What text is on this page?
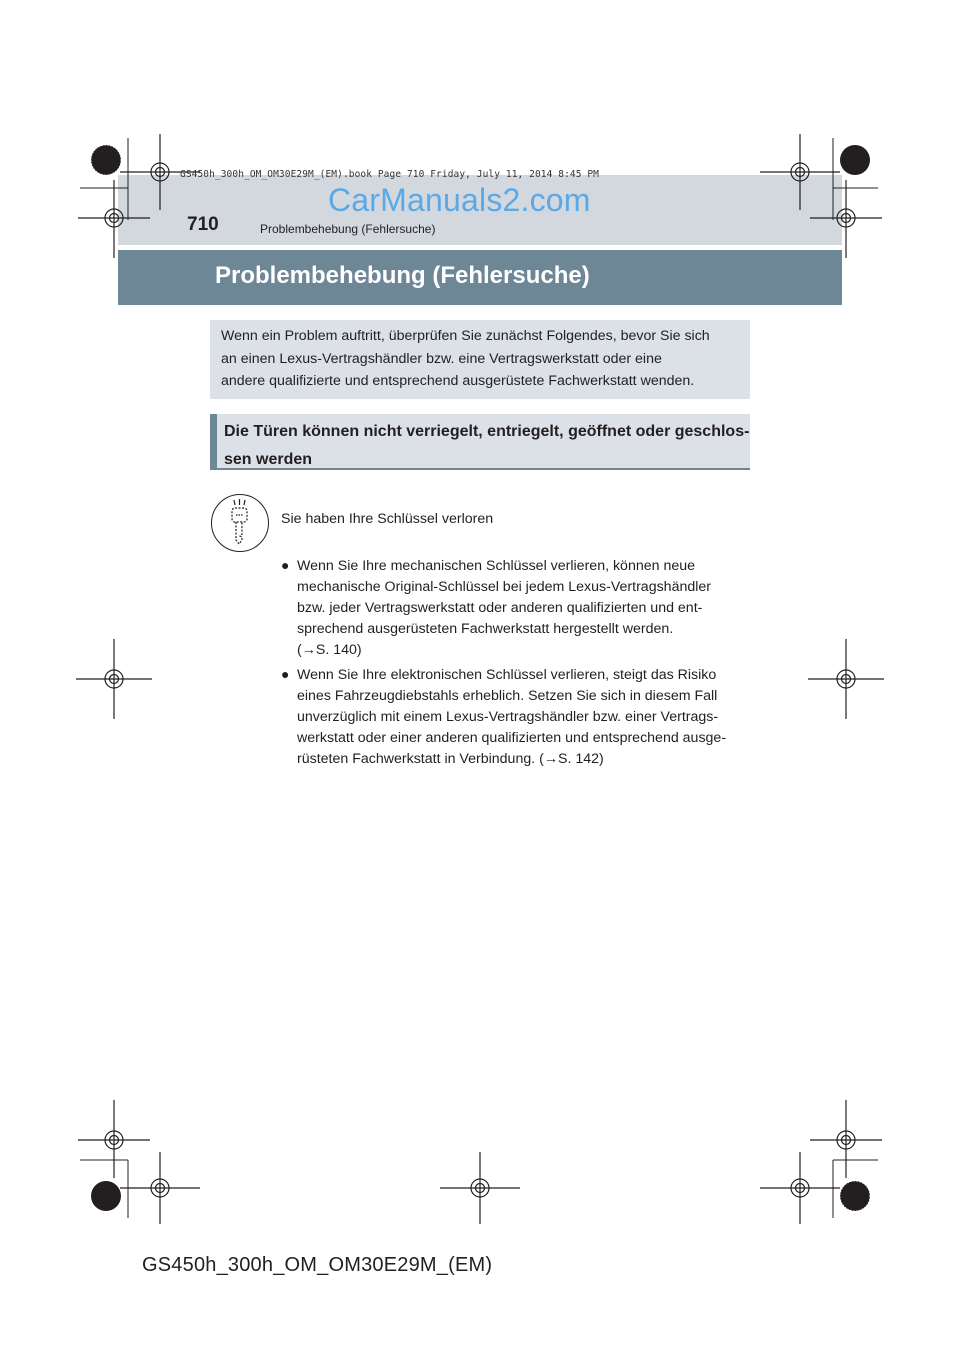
GS450h_300h_OM_OM30E29M_(EM).book Page 710 Friday, July 11, 2014 8:45 PM
CarManuals2.com
710	Problembehebung (Fehlersuche)
Problembehebung (Fehlersuche)
Wenn ein Problem auftritt, überprüfen Sie zunächst Folgendes, bevor Sie sich
an einen Lexus-Vertragshändler bzw. eine Vertragswerkstatt oder eine
andere qualifizierte und entsprechend ausgerüstete Fachwerkstatt wenden.
Die Türen können nicht verriegelt, entriegelt, geöffnet oder geschlos-
sen werden
Sie haben Ihre Schlüssel verloren
● Wenn Sie Ihre mechanischen Schlüssel verlieren, können neue
mechanische Original-Schlüssel bei jedem Lexus-Vertragshändler
bzw. jeder Vertragswerkstatt oder anderen qualifizierten und ent-
sprechend ausgerüsteten Fachwerkstatt hergestellt werden.
(→S. 140)
● Wenn Sie Ihre elektronischen Schlüssel verlieren, steigt das Risiko
eines Fahrzeugdiebstahls erheblich. Setzen Sie sich in diesem Fall
unverzüglich mit einem Lexus-Vertragshändler bzw. einer Vertrags-
werkstatt oder einer anderen qualifizierten und entsprechend ausge-
rüsteten Fachwerkstatt in Verbindung. (→S. 142)
GS450h_300h_OM_OM30E29M_(EM)
